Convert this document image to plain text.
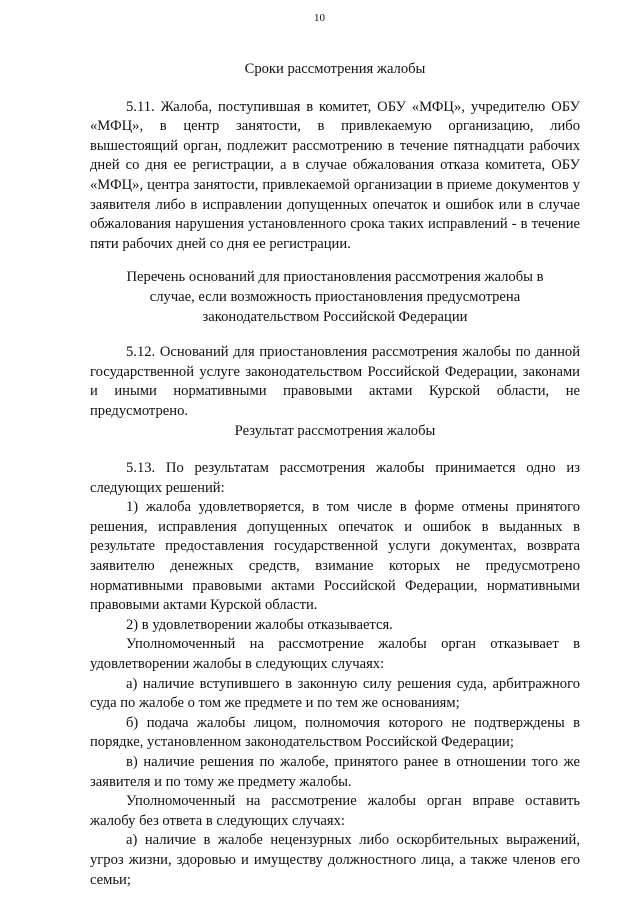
10
Сроки рассмотрения жалобы

5.11. Жалоба, поступившая в комитет, ОБУ «МФЦ», учредителю ОБУ «МФЦ», в центр занятости, в привлекаемую организацию, либо вышестоящий орган, подлежит рассмотрению в течение пятнадцати рабочих дней со дня ее регистрации, а в случае обжалования отказа комитета, ОБУ «МФЦ», центра занятости, привлекаемой организации в приеме документов у заявителя либо в исправлении допущенных опечаток и ошибок или в случае обжалования нарушения установленного срока таких исправлений - в течение пяти рабочих дней со дня ее регистрации.

Перечень оснований для приостановления рассмотрения жалобы в случае, если возможность приостановления предусмотрена законодательством Российской Федерации

5.12. Оснований для приостановления рассмотрения жалобы по данной государственной услуге законодательством Российской Федерации, законами и иными нормативными правовыми актами Курской области, не предусмотрено.

Результат рассмотрения жалобы

5.13. По результатам рассмотрения жалобы принимается одно из следующих решений:

1) жалоба удовлетворяется, в том числе в форме отмены принятого решения, исправления допущенных опечаток и ошибок в выданных в результате предоставления государственной услуги документах, возврата заявителю денежных средств, взимание которых не предусмотрено нормативными правовыми актами Российской Федерации, нормативными правовыми актами Курской области.

2) в удовлетворении жалобы отказывается.

Уполномоченный на рассмотрение жалобы орган отказывает в удовлетворении жалобы в следующих случаях:

а) наличие вступившего в законную силу решения суда, арбитражного суда по жалобе о том же предмете и по тем же основаниям;

б) подача жалобы лицом, полномочия которого не подтверждены в порядке, установленном законодательством Российской Федерации;

в) наличие решения по жалобе, принятого ранее в отношении того же заявителя и по тому же предмету жалобы.

Уполномоченный на рассмотрение жалобы орган вправе оставить жалобу без ответа в следующих случаях:

а) наличие в жалобе нецензурных либо оскорбительных выражений, угроз жизни, здоровью и имуществу должностного лица, а также членов его семьи;
